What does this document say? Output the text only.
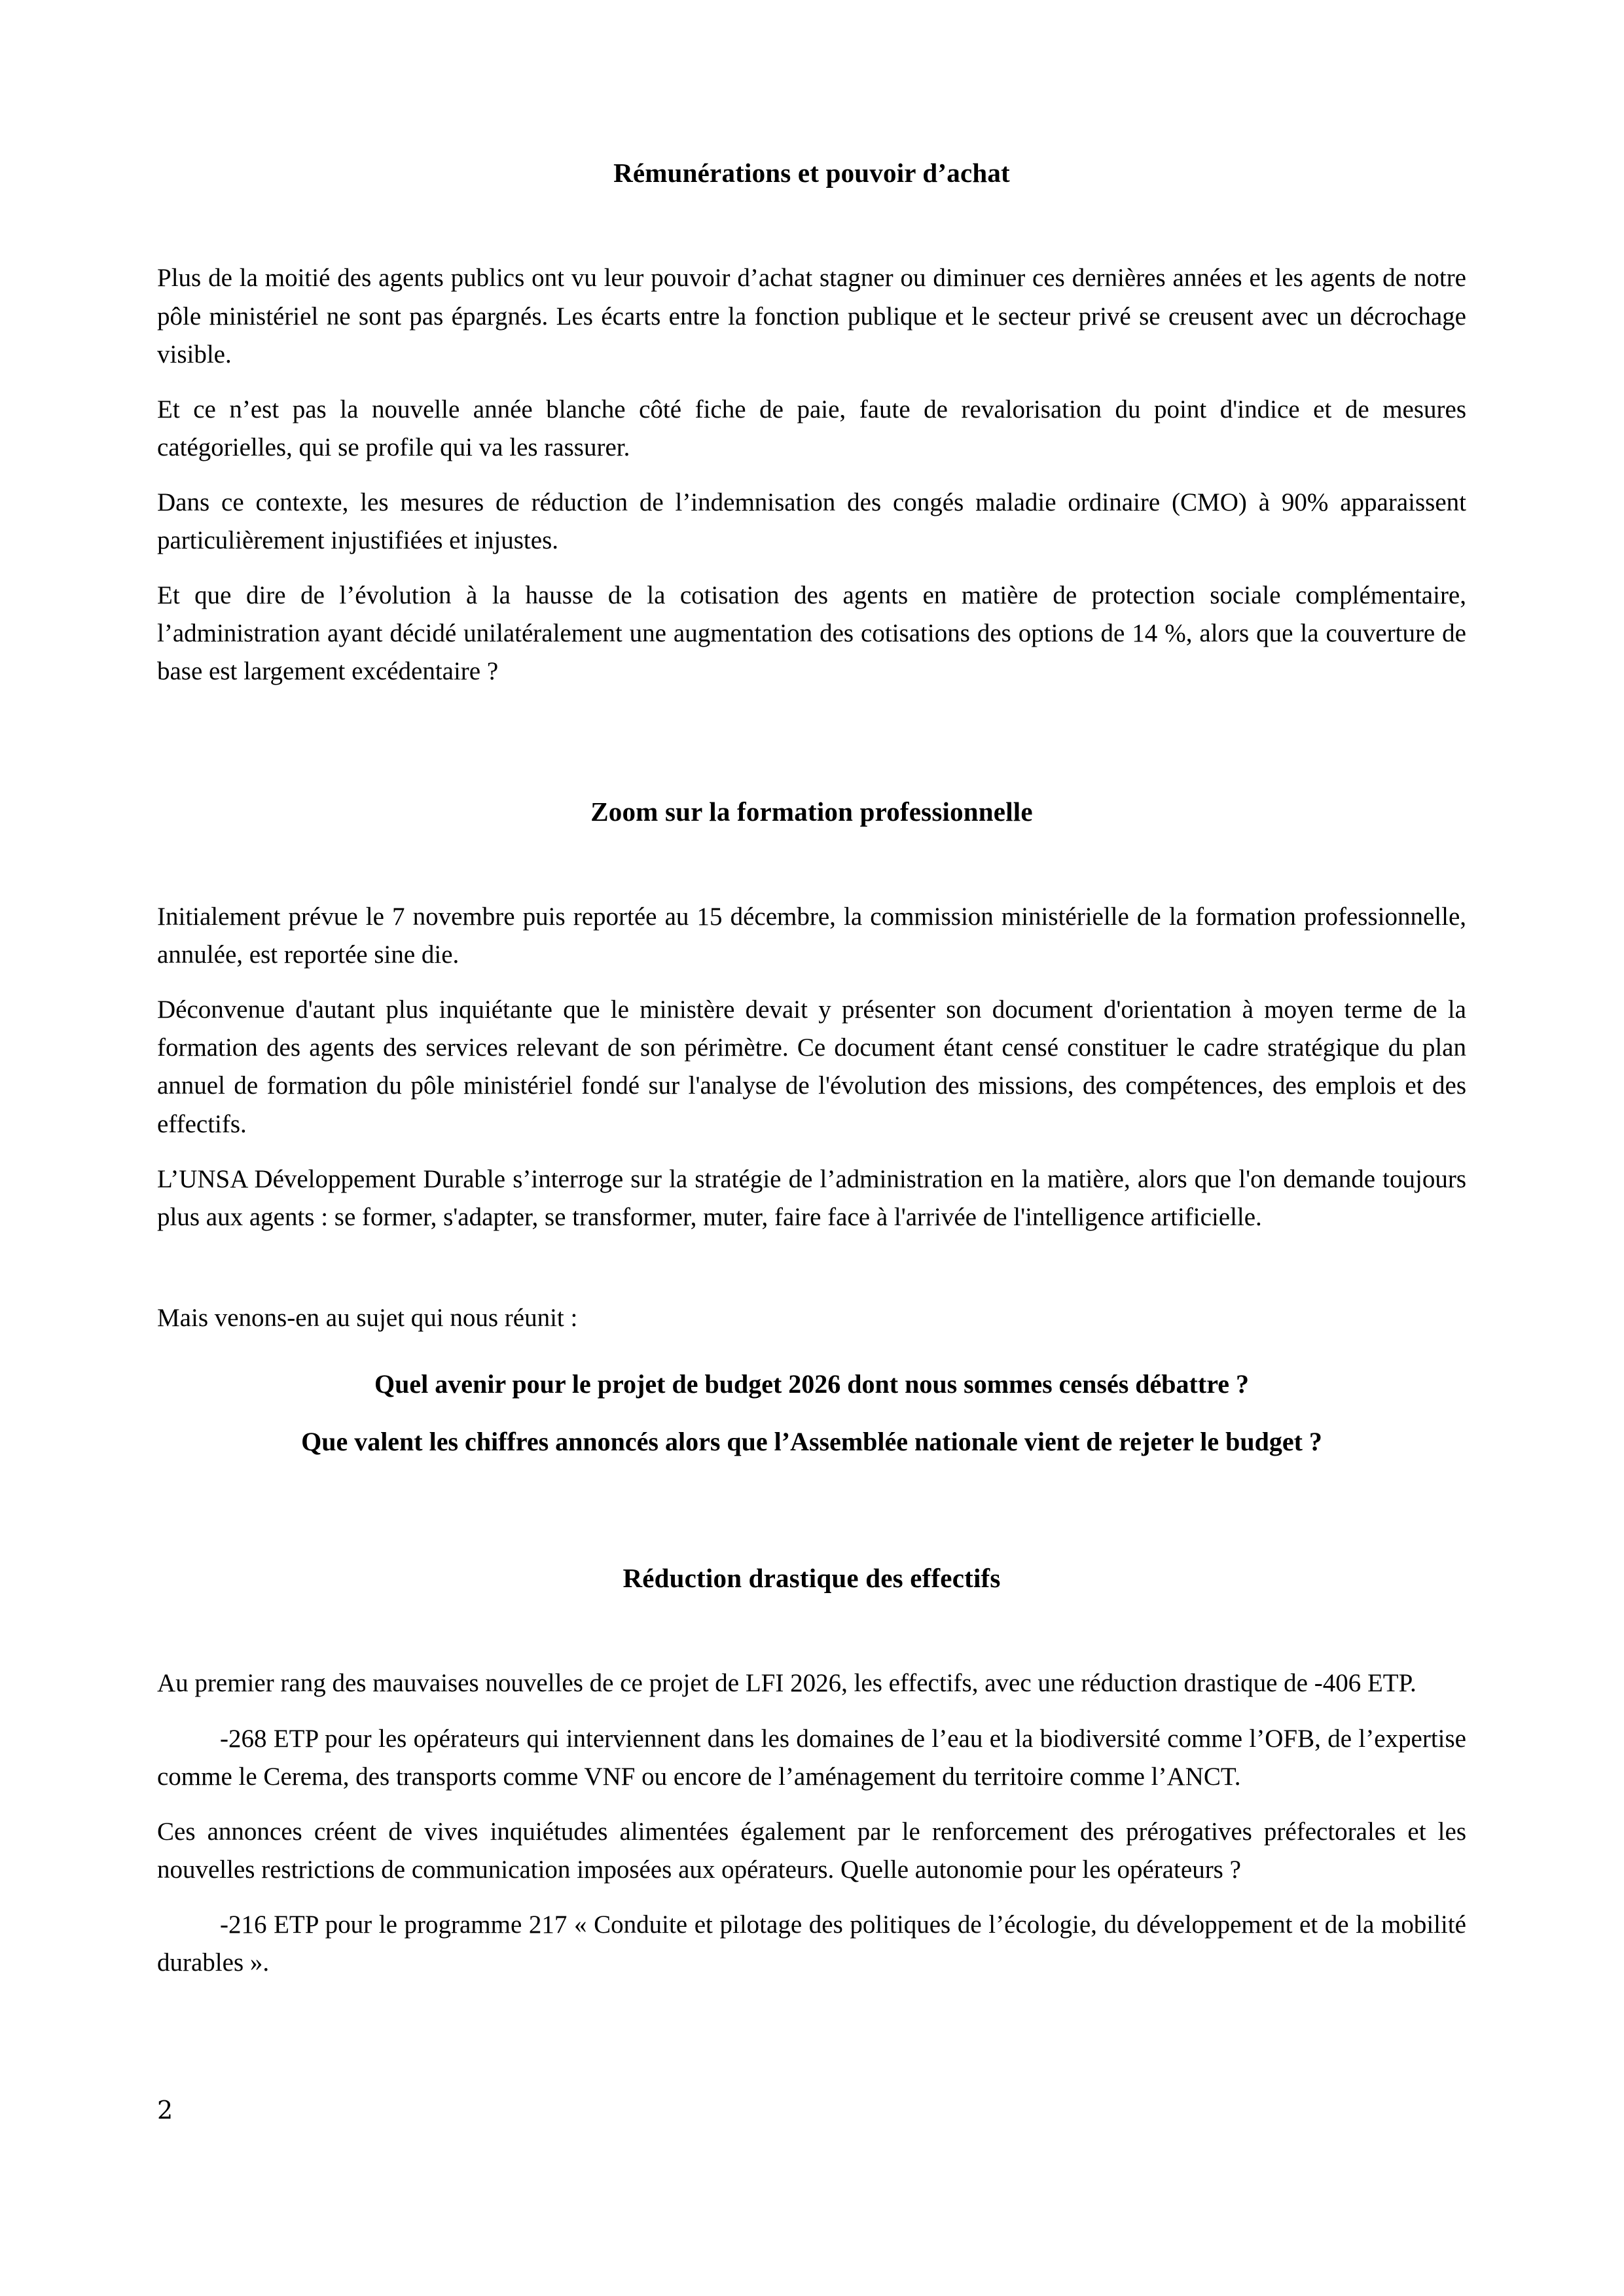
Rémunérations et pouvoir d’achat

Plus de la moitié des agents publics ont vu leur pouvoir d’achat stagner ou diminuer ces dernières années et les agents de notre pôle ministériel ne sont pas épargnés. Les écarts entre la fonction publique et le secteur privé se creusent avec un décrochage visible.

Et ce n’est pas la nouvelle année blanche côté fiche de paie, faute de revalorisation du point d'indice et de mesures catégorielles, qui se profile qui va les rassurer.

Dans ce contexte, les mesures de réduction de l’indemnisation des congés maladie ordinaire (CMO) à 90% apparaissent particulièrement injustifiées et injustes.

Et que dire de l’évolution à la hausse de la cotisation des agents en matière de protection sociale complémentaire, l’administration ayant décidé unilatéralement une augmentation des cotisations des options de 14 %, alors que la couverture de base est largement excédentaire ?

Zoom sur la formation professionnelle

Initialement prévue le 7 novembre puis reportée au 15 décembre, la commission ministérielle de la formation professionnelle, annulée, est reportée sine die.

Déconvenue d'autant plus inquiétante que le ministère devait y présenter son document d'orientation à moyen terme de la formation des agents des services relevant de son périmètre. Ce document étant censé constituer le cadre stratégique du plan annuel de formation du pôle ministériel fondé sur l'analyse de l'évolution des missions, des compétences, des emplois et des effectifs.

L’UNSA Développement Durable s’interroge sur la stratégie de l’administration en la matière, alors que l'on demande toujours plus aux agents : se former, s'adapter, se transformer, muter, faire face à l'arrivée de l'intelligence artificielle.

Mais venons-en au sujet qui nous réunit :

Quel avenir pour le projet de budget 2026 dont nous sommes censés débattre ?

Que valent les chiffres annoncés alors que l’Assemblée nationale vient de rejeter le budget ?

Réduction drastique des effectifs

Au premier rang des mauvaises nouvelles de ce projet de LFI 2026, les effectifs, avec une réduction drastique de -406 ETP.

-268 ETP pour les opérateurs qui interviennent dans les domaines de l’eau et la biodiversité comme l’OFB, de l’expertise comme le Cerema, des transports comme VNF ou encore de l’aménagement du territoire comme l’ANCT.

Ces annonces créent de vives inquiétudes alimentées également par le renforcement des prérogatives préfectorales et les nouvelles restrictions de communication imposées aux opérateurs. Quelle autonomie pour les opérateurs ?

-216 ETP pour le programme 217 « Conduite et pilotage des politiques de l’écologie, du développement et de la mobilité durables ».

2
